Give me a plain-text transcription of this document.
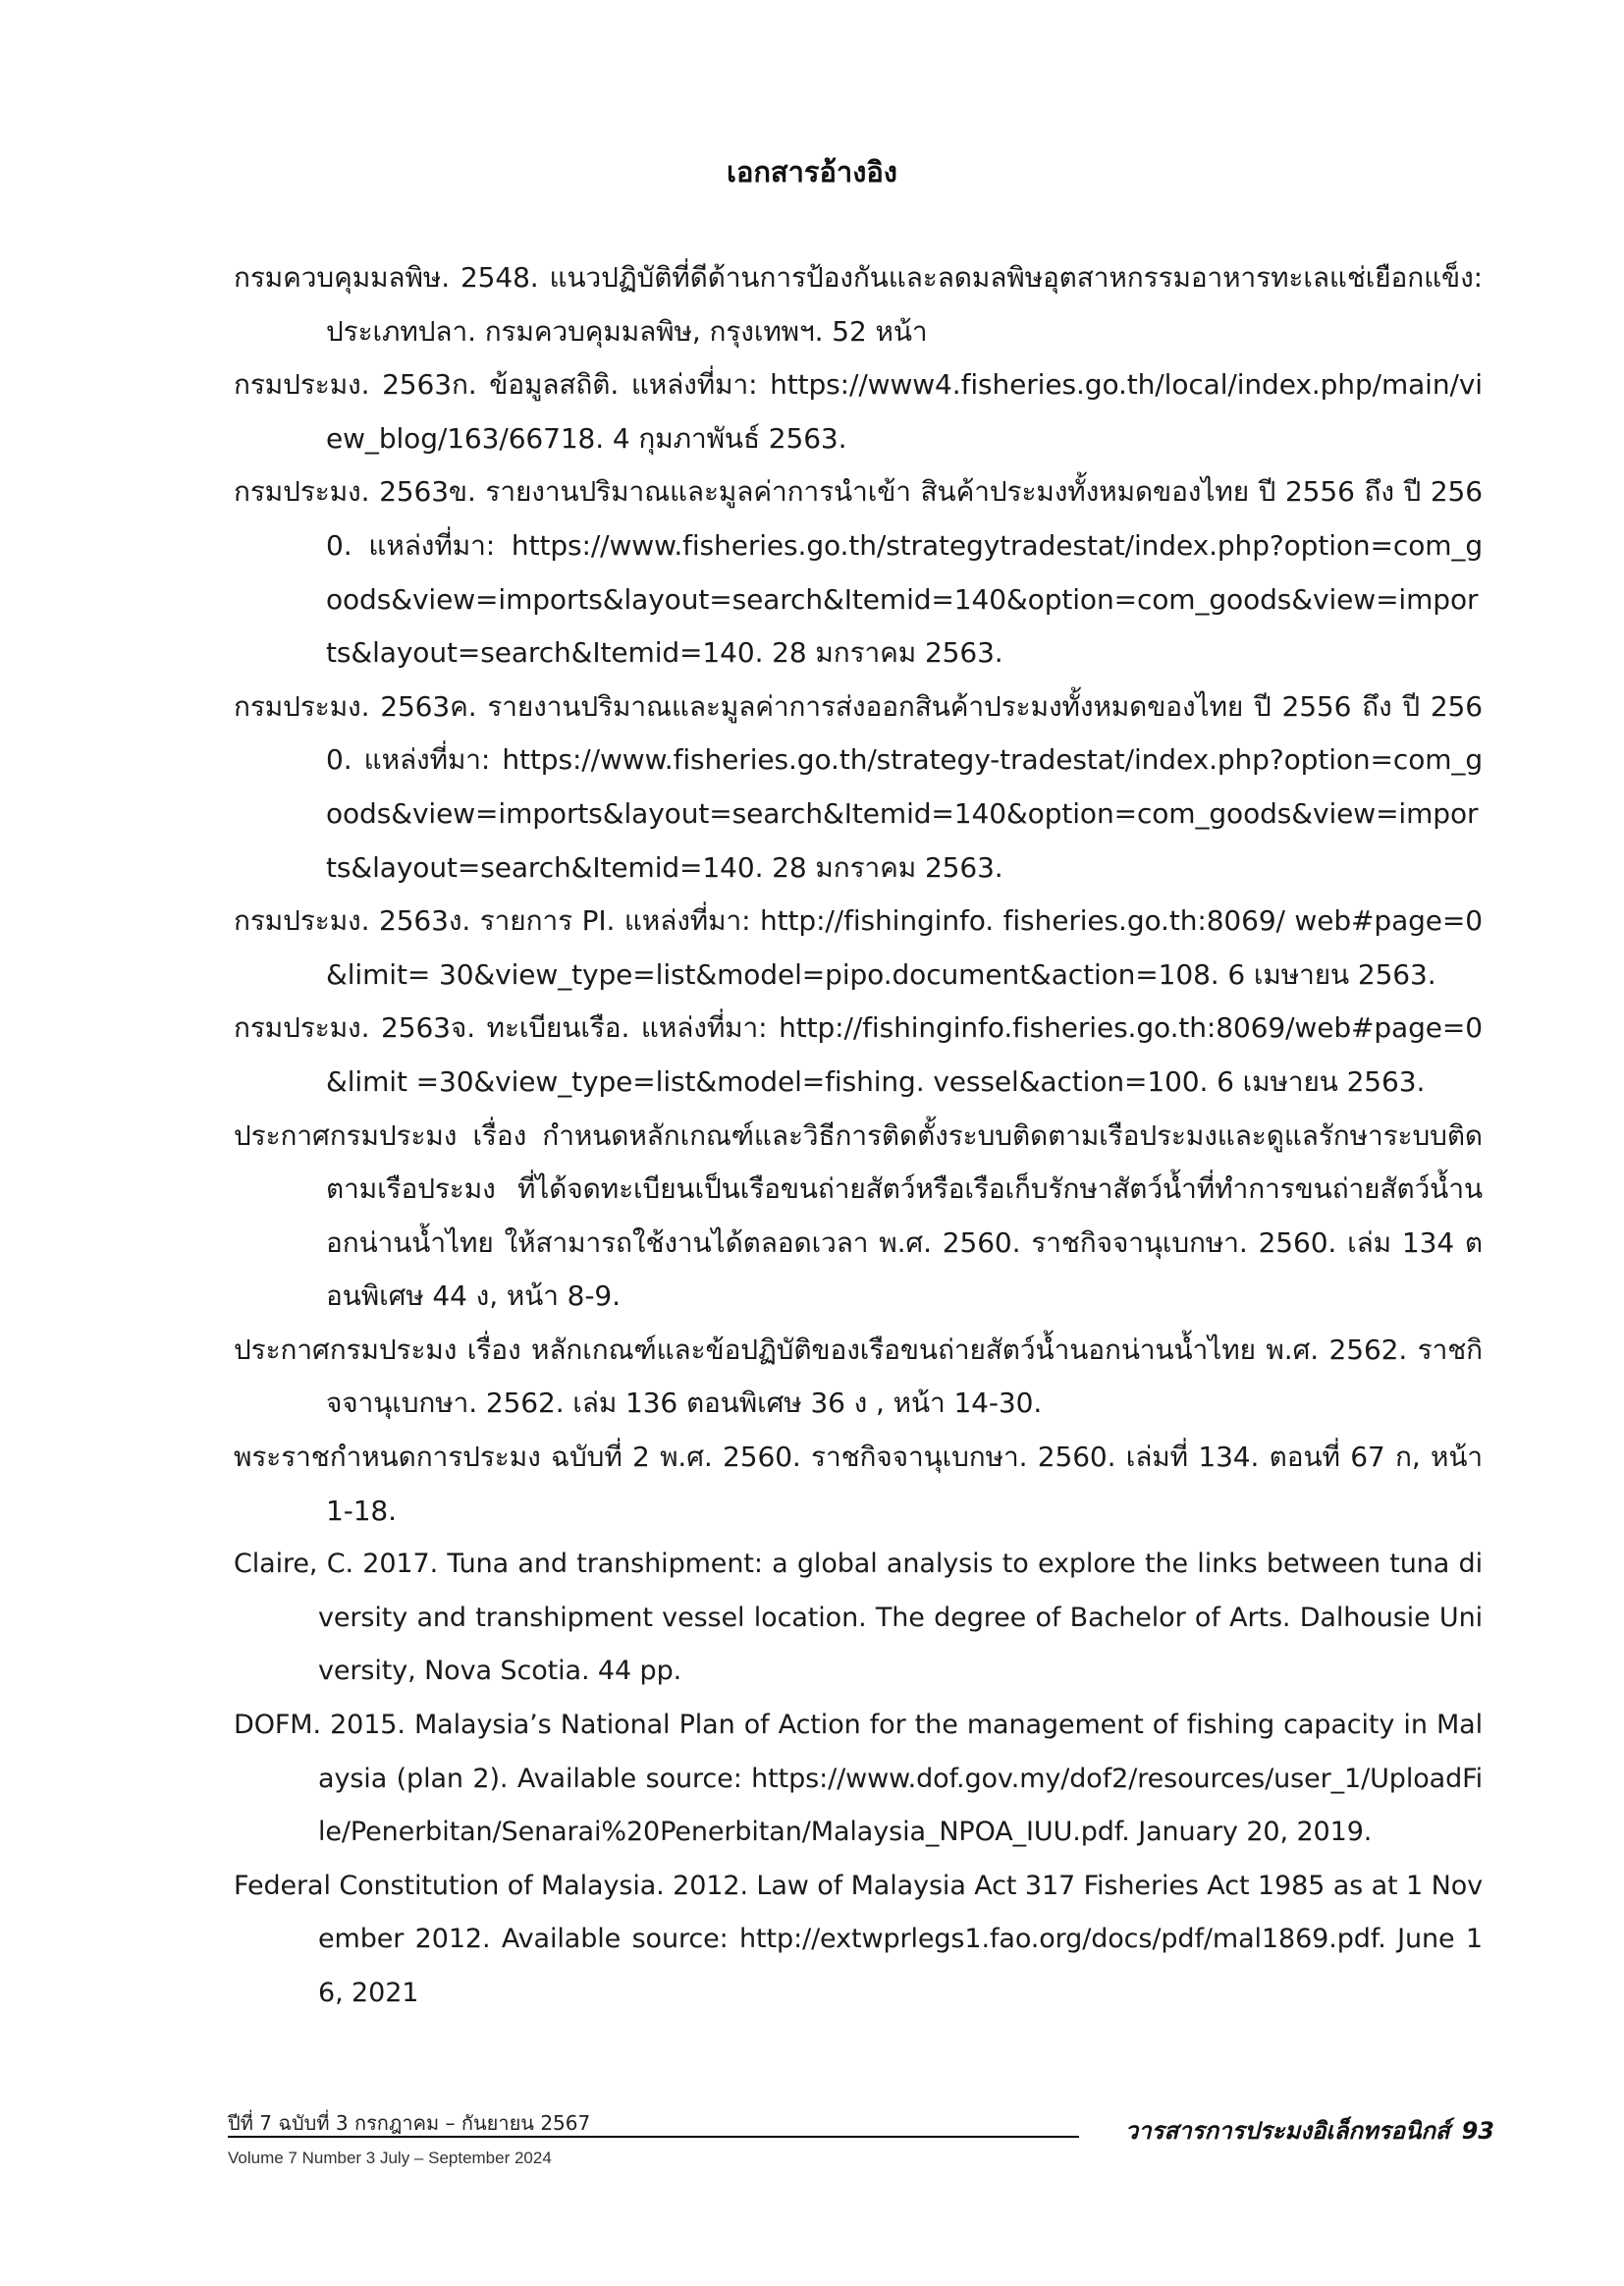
เอกสารอ้างอิง
กรมควบคุมมลพิษ. 2548. แนวปฏิบัติที่ดีด้านการป้องกันและลดมลพิษอุตสาหกรรมอาหารทะเลแช่เยือกแข็ง: ประเภทปลา. กรมควบคุมมลพิษ, กรุงเทพฯ. 52 หน้า
กรมประมง. 2563ก. ข้อมูลสถิติ. แหล่งที่มา: https://www4.fisheries.go.th/local/index.php/main/view_blog/163/66718. 4 กุมภาพันธ์ 2563.
กรมประมง. 2563ข. รายงานปริมาณและมูลค่าการนำเข้า สินค้าประมงทั้งหมดของไทย ปี 2556 ถึง ปี 2560. แหล่งที่มา: https://www.fisheries.go.th/strategytradestat/index.php?option=com_goods&view=imports&layout=search&Itemid=140&option=com_goods&view=imports&layout=search&Itemid=140. 28 มกราคม 2563.
กรมประมง. 2563ค. รายงานปริมาณและมูลค่าการส่งออกสินค้าประมงทั้งหมดของไทย ปี 2556 ถึง ปี 2560. แหล่งที่มา: https://www.fisheries.go.th/strategy-tradestat/index.php?option=com_goods&view=imports&layout=search&Itemid=140&option=com_goods&view=imports&layout=search&Itemid=140. 28 มกราคม 2563.
กรมประมง. 2563ง. รายการ PI. แหล่งที่มา: http://fishinginfo. fisheries.go.th:8069/ web#page=0&limit= 30&view_type=list&model=pipo.document&action=108. 6 เมษายน 2563.
กรมประมง. 2563จ. ทะเบียนเรือ. แหล่งที่มา: http://fishinginfo.fisheries.go.th:8069/web#page=0&limit =30&view_type=list&model=fishing. vessel&action=100. 6 เมษายน 2563.
ประกาศกรมประมง เรื่อง กำหนดหลักเกณฑ์และวิธีการติดตั้งระบบติดตามเรือประมงและดูแลรักษาระบบติดตามเรือประมง ที่ได้จดทะเบียนเป็นเรือขนถ่ายสัตว์หรือเรือเก็บรักษาสัตว์น้ำที่ทำการขนถ่ายสัตว์น้ำนอกน่านน้ำไทย ให้สามารถใช้งานได้ตลอดเวลา พ.ศ. 2560. ราชกิจจานุเบกษา. 2560. เล่ม 134 ตอนพิเศษ 44 ง, หน้า 8-9.
ประกาศกรมประมง เรื่อง หลักเกณฑ์และข้อปฏิบัติของเรือขนถ่ายสัตว์น้ำนอกน่านน้ำไทย พ.ศ. 2562. ราชกิจจานุเบกษา. 2562. เล่ม 136 ตอนพิเศษ 36 ง , หน้า 14-30.
พระราชกำหนดการประมง ฉบับที่ 2 พ.ศ. 2560. ราชกิจจานุเบกษา. 2560. เล่มที่ 134. ตอนที่ 67 ก, หน้า 1-18.
Claire, C. 2017. Tuna and transhipment: a global analysis to explore the links between tuna diversity and transhipment vessel location. The degree of Bachelor of Arts. Dalhousie University, Nova Scotia. 44 pp.
DOFM. 2015. Malaysia’s National Plan of Action for the management of fishing capacity in Malaysia (plan 2). Available source: https://www.dof.gov.my/dof2/resources/user_1/UploadFile/Penerbitan/Senarai%20Penerbitan/Malaysia_NPOA_IUU.pdf. January 20, 2019.
Federal Constitution of Malaysia. 2012. Law of Malaysia Act 317 Fisheries Act 1985 as at 1 November 2012. Available source: http://extwprlegs1.fao.org/docs/pdf/mal1869.pdf. June 16, 2021
ปีที่ 7 ฉบับที่ 3 กรกฎาคม – กันยายน 2567
Volume 7 Number 3 July – September 2024
วารสารการประมงอิเล็กทรอนิกส์ 93
